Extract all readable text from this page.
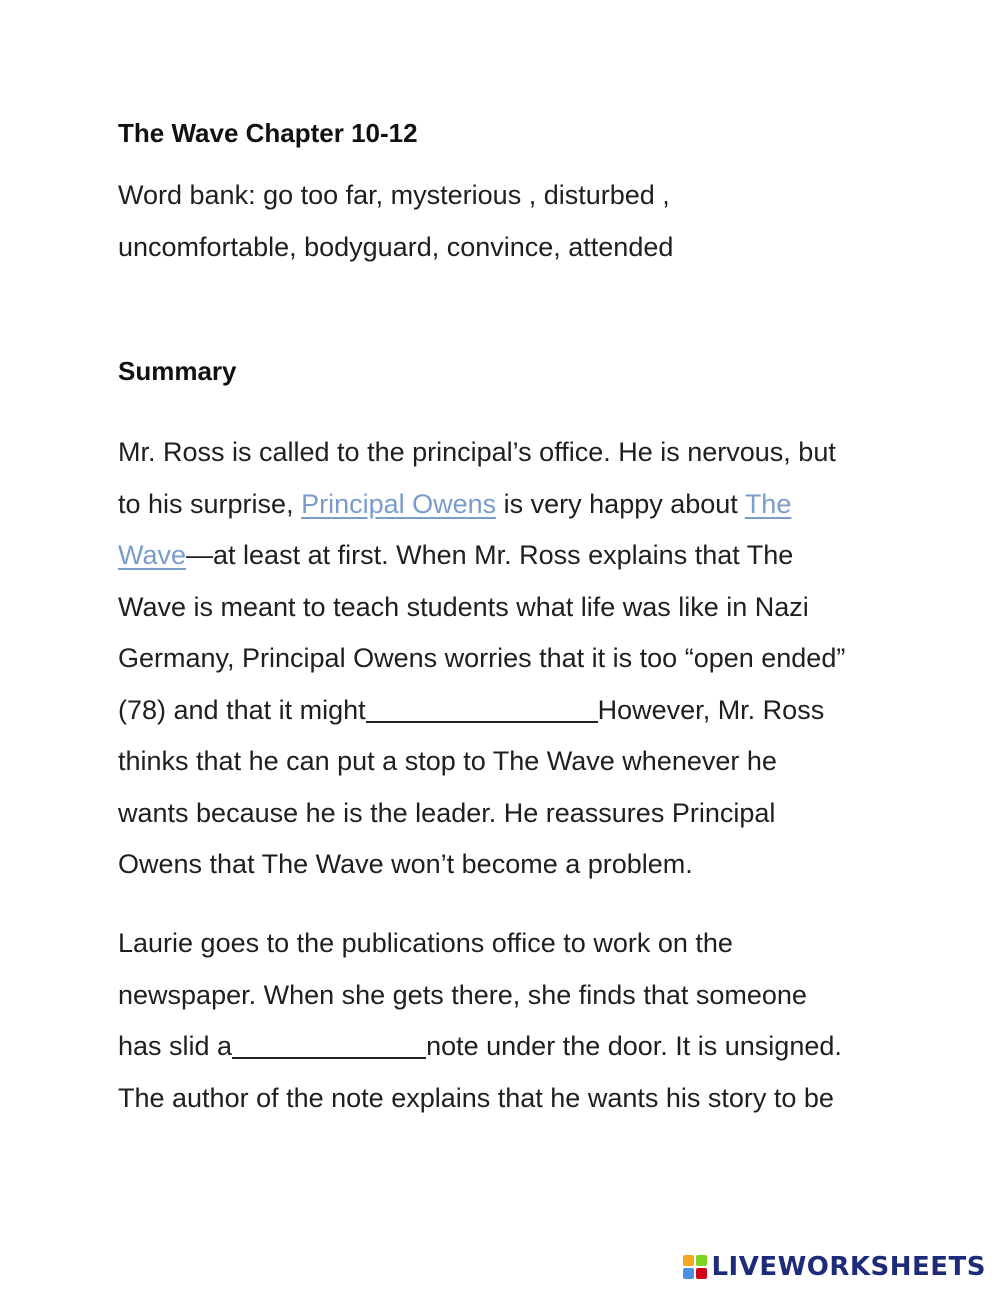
The Wave Chapter 10-12
Word bank: go too far, mysterious , disturbed ,
uncomfortable, bodyguard, convince, attended
Summary
Mr. Ross is called to the principal’s office. He is nervous, but
to his surprise, Principal Owens is very happy about The
Wave—at least at first. When Mr. Ross explains that The
Wave is meant to teach students what life was like in Nazi
Germany, Principal Owens worries that it is too “open ended”
(78) and that it might	However, Mr. Ross
thinks that he can put a stop to The Wave whenever he
wants because he is the leader. He reassures Principal
Owens that The Wave won’t become a problem.
Laurie goes to the publications office to work on the
newspaper. When she gets there, she finds that someone
has slid a	note under the door. It is unsigned.
The author of the note explains that he wants his story to be
LIVEWORKSHEETS
